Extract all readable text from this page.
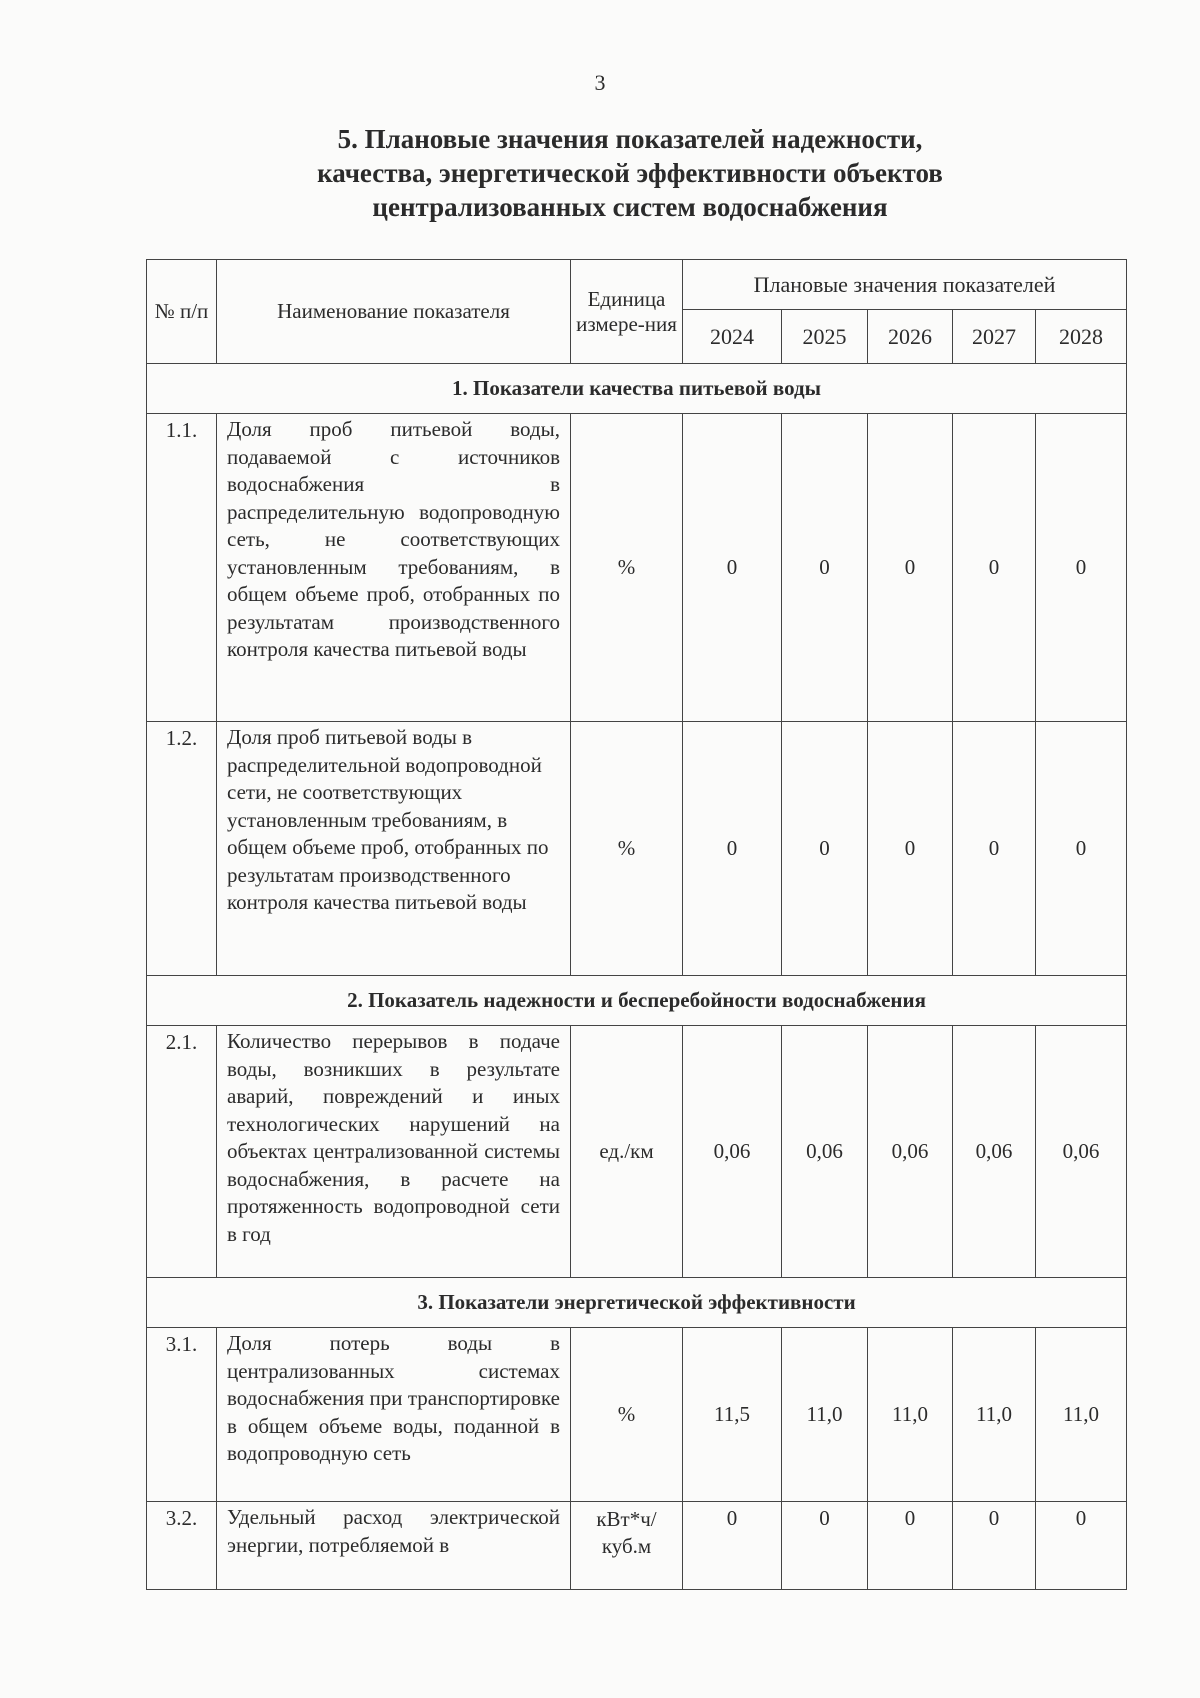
3
5. Плановые значения показателей надежности,
качества, энергетической эффективности объектов
централизованных систем водоснабжения
№ п/п	Наименование показателя	Единица измере-ния	Плановые значения показателей				
			2024	2025	2026	2027	2028
1. Показатели качества питьевой воды							
1.1.	Доля проб питьевой воды, подаваемой с источников водоснабжения в распределительную водопроводную сеть, не соответствующих установленным требованиям, в общем объеме проб, отобранных по результатам производственного контроля качества питьевой воды	%	0	0	0	0	0
1.2.	Доля проб питьевой воды в распределительной водопроводной сети, не соответствующих установленным требованиям, в общем объеме проб, отобранных по результатам производственного контроля качества питьевой воды	%	0	0	0	0	0
2. Показатель надежности и бесперебойности водоснабжения							
2.1.	Количество перерывов в подаче воды, возникших в результате аварий, повреждений и иных технологических нарушений на объектах централизованной системы водоснабжения, в расчете на протяженность водопроводной сети в год	ед./км	0,06	0,06	0,06	0,06	0,06
3. Показатели энергетической эффективности							
3.1.	Доля потерь воды в централизованных системах водоснабжения при транспортировке в общем объеме воды, поданной в водопроводную сеть	%	11,5	11,0	11,0	11,0	11,0
3.2.	Удельный расход электрической энергии, потребляемой в	кВт*ч/ куб.м	0	0	0	0	0
